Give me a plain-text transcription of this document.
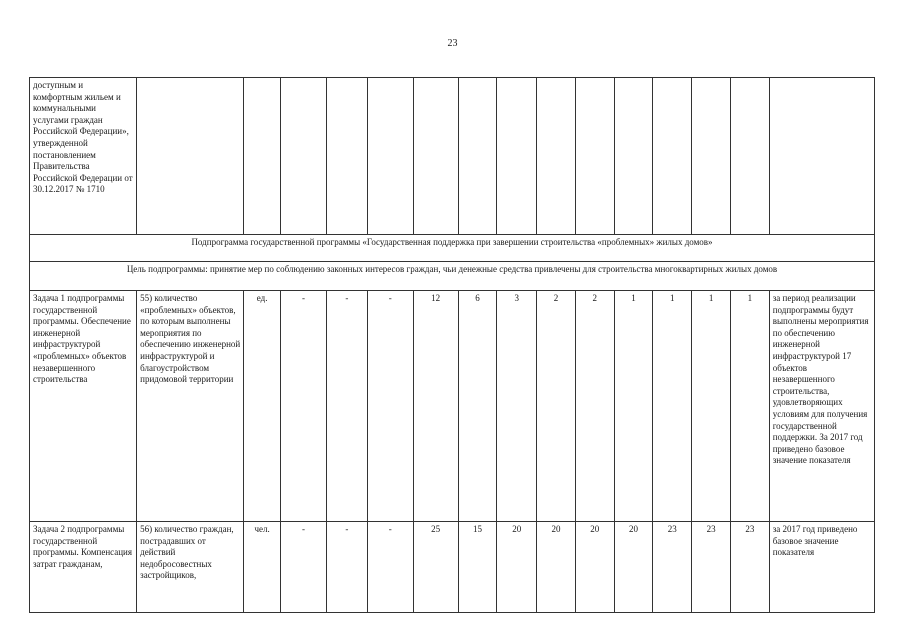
23
доступным и комфортным жильем и коммунальными услугами граждан Российской Федерации», утвержденной постановлением Правительства Российской Федерации от 30.12.2017 № 1710															
Подпрограмма государственной программы «Государственная поддержка при завершении строительства «проблемных» жилых домов»															
Цель подпрограммы: принятие мер по соблюдению законных интересов граждан, чьи денежные средства привлечены для строительства многоквартирных жилых домов															
Задача 1 подпрограммы государственной программы. Обеспечение инженерной инфраструктурой «проблемных» объектов незавершенного строительства	55) количество «проблемных» объектов, по которым выполнены мероприятия по обеспечению инженерной инфраструктурой и благоустройством придомовой территории	ед.	-	-	-	12	6	3	2	2	1	1	1	1	за период реализации подпрограммы будут выполнены мероприятия по обеспечению инженерной инфраструктурой 17 объектов незавершенного строительства, удовлетворяющих условиям для получения государственной поддержки. За 2017 год приведено базовое значение показателя
Задача 2 подпрограммы государственной программы. Компенсация затрат гражданам,	56) количество граждан, пострадавших от действий недобросовестных застройщиков,	чел.	-	-	-	25	15	20	20	20	20	23	23	23	за 2017 год приведено базовое значение показателя
